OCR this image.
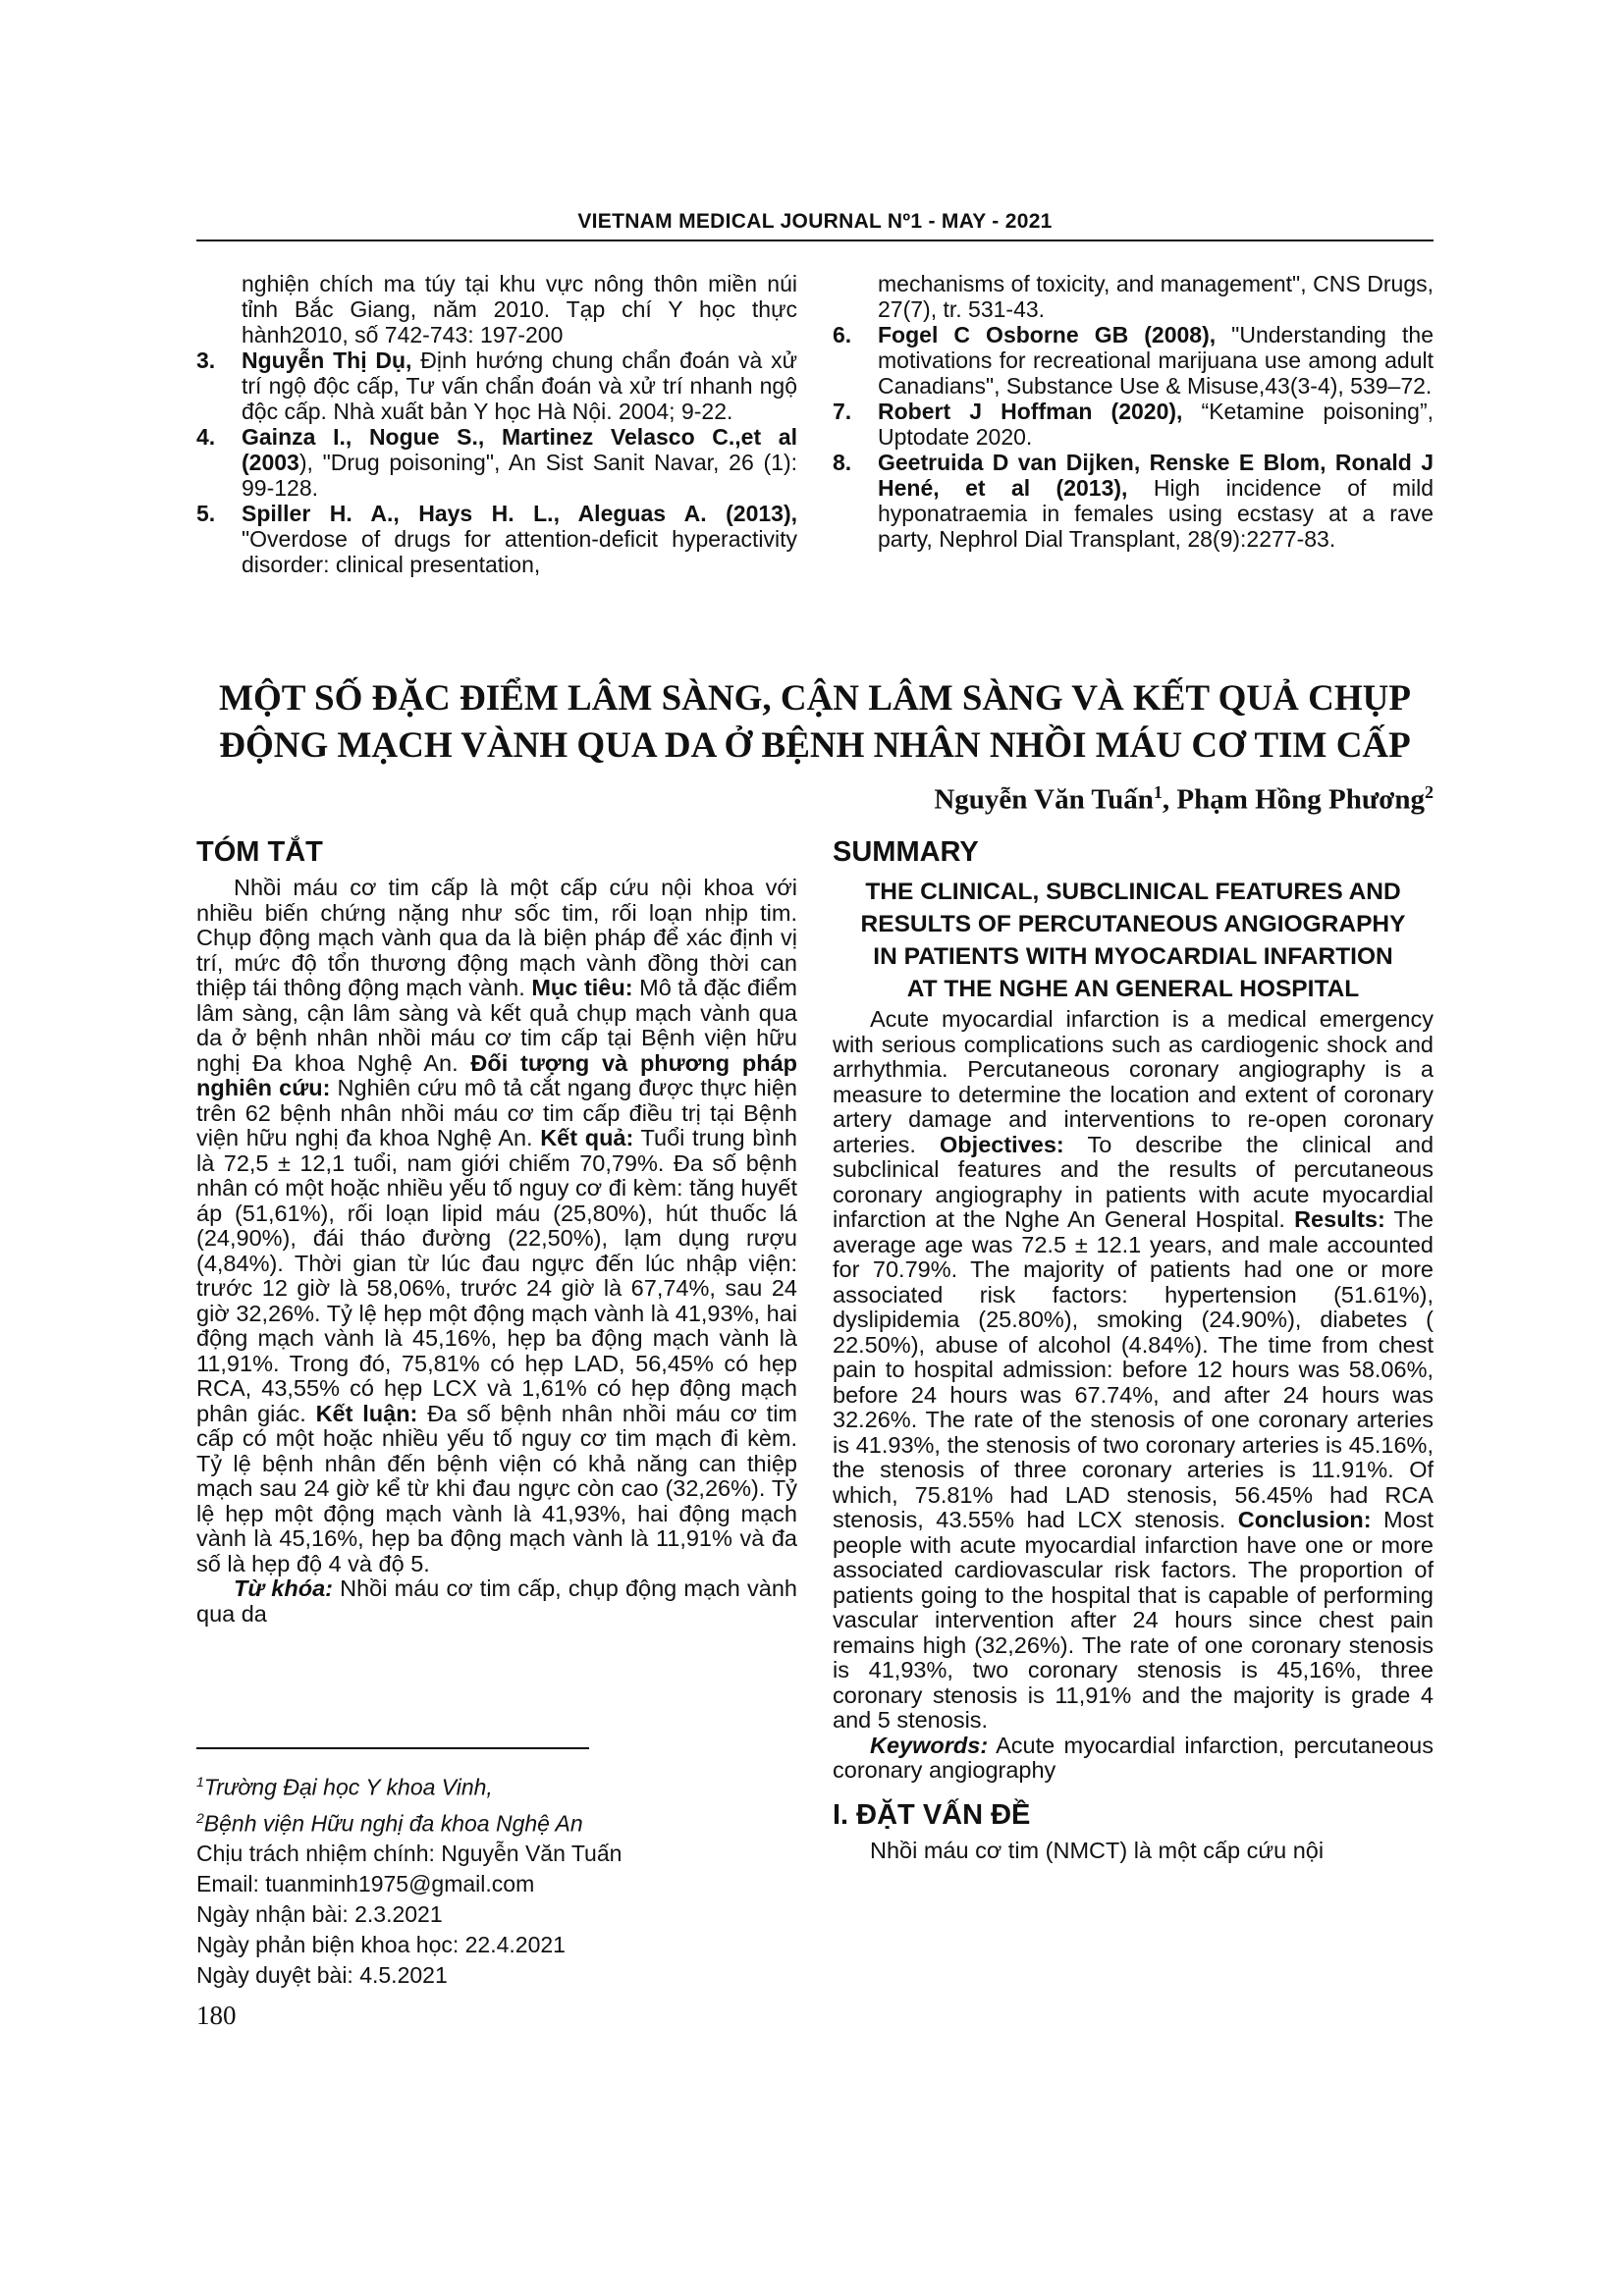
VIETNAM MEDICAL JOURNAL Nº1 - MAY - 2021
nghiện chích ma túy tại khu vực nông thôn miền núi tỉnh Bắc Giang, năm 2010. Tạp chí Y học thực hành2010, số 742-743: 197-200
3. Nguyễn Thị Dụ, Định hướng chung chẩn đoán và xử trí ngộ độc cấp, Tư vấn chẩn đoán và xử trí nhanh ngộ độc cấp. Nhà xuất bản Y học Hà Nội. 2004; 9-22.
4. Gainza I., Nogue S., Martinez Velasco C.,et al (2003), "Drug poisoning", An Sist Sanit Navar, 26 (1): 99-128.
5. Spiller H. A., Hays H. L., Aleguas A. (2013), "Overdose of drugs for attention-deficit hyperactivity disorder: clinical presentation,
mechanisms of toxicity, and management", CNS Drugs, 27(7), tr. 531-43.
6. Fogel C Osborne GB (2008), "Understanding the motivations for recreational marijuana use among adult Canadians", Substance Use & Misuse,43(3-4), 539–72.
7. Robert J Hoffman (2020), “Ketamine poisoning”, Uptodate 2020.
8. Geetruida D van Dijken, Renske E Blom, Ronald J Hené, et al (2013), High incidence of mild hyponatraemia in females using ecstasy at a rave party, Nephrol Dial Transplant, 28(9):2277-83.
MỘT SỐ ĐẶC ĐIỂM LÂM SÀNG, CẬN LÂM SÀNG VÀ KẾT QUẢ CHỤP
ĐỘNG MẠCH VÀNH QUA DA Ở BỆNH NHÂN NHỒI MÁU CƠ TIM CẤP
Nguyễn Văn Tuấn$^1$, Phạm Hồng Phương$^2$
TÓM TẮT
Nhồi máu cơ tim cấp là một cấp cứu nội khoa với nhiều biến chứng nặng như sốc tim, rối loạn nhịp tim. Chụp động mạch vành qua da là biện pháp để xác định vị trí, mức độ tổn thương động mạch vành đồng thời can thiệp tái thông động mạch vành. Mục tiêu: Mô tả đặc điểm lâm sàng, cận lâm sàng và kết quả chụp mạch vành qua da ở bệnh nhân nhồi máu cơ tim cấp tại Bệnh viện hữu nghị Đa khoa Nghệ An. Đối tượng và phương pháp nghiên cứu: Nghiên cứu mô tả cắt ngang được thực hiện trên 62 bệnh nhân nhồi máu cơ tim cấp điều trị tại Bệnh viện hữu nghị đa khoa Nghệ An. Kết quả: Tuổi trung bình là 72,5 ± 12,1 tuổi, nam giới chiếm 70,79%. Đa số bệnh nhân có một hoặc nhiều yếu tố nguy cơ đi kèm: tăng huyết áp (51,61%), rối loạn lipid máu (25,80%), hút thuốc lá (24,90%), đái tháo đường (22,50%), lạm dụng rượu (4,84%). Thời gian từ lúc đau ngực đến lúc nhập viện: trước 12 giờ là 58,06%, trước 24 giờ là 67,74%, sau 24 giờ 32,26%. Tỷ lệ hẹp một động mạch vành là 41,93%, hai động mạch vành là 45,16%, hẹp ba động mạch vành là 11,91%. Trong đó, 75,81% có hẹp LAD, 56,45% có hẹp RCA, 43,55% có hẹp LCX và 1,61% có hẹp động mạch phân giác. Kết luận: Đa số bệnh nhân nhồi máu cơ tim cấp có một hoặc nhiều yếu tố nguy cơ tim mạch đi kèm. Tỷ lệ bệnh nhân đến bệnh viện có khả năng can thiệp mạch sau 24 giờ kể từ khi đau ngực còn cao (32,26%). Tỷ lệ hẹp một động mạch vành là 41,93%, hai động mạch vành là 45,16%, hẹp ba động mạch vành là 11,91% và đa số là hẹp độ 4 và độ 5.
Từ khóa: Nhồi máu cơ tim cấp, chụp động mạch vành qua da
$^1$Trường Đại học Y khoa Vinh,
$^2$Bệnh viện Hữu nghị đa khoa Nghệ An
Chịu trách nhiệm chính: Nguyễn Văn Tuấn
Email: tuanminh1975@gmail.com
Ngày nhận bài: 2.3.2021
Ngày phản biện khoa học: 22.4.2021
Ngày duyệt bài: 4.5.2021
SUMMARY
THE CLINICAL, SUBCLINICAL FEATURES AND
RESULTS OF PERCUTANEOUS ANGIOGRAPHY
IN PATIENTS WITH MYOCARDIAL INFARTION
AT THE NGHE AN GENERAL HOSPITAL
Acute myocardial infarction is a medical emergency with serious complications such as cardiogenic shock and arrhythmia. Percutaneous coronary angiography is a measure to determine the location and extent of coronary artery damage and interventions to re-open coronary arteries. Objectives: To describe the clinical and subclinical features and the results of percutaneous coronary angiography in patients with acute myocardial infarction at the Nghe An General Hospital. Results: The average age was 72.5 ± 12.1 years, and male accounted for 70.79%. The majority of patients had one or more associated risk factors: hypertension (51.61%), dyslipidemia (25.80%), smoking (24.90%), diabetes ( 22.50%), abuse of alcohol (4.84%). The time from chest pain to hospital admission: before 12 hours was 58.06%, before 24 hours was 67.74%, and after 24 hours was 32.26%. The rate of the stenosis of one coronary arteries is 41.93%, the stenosis of two coronary arteries is 45.16%, the stenosis of three coronary arteries is 11.91%. Of which, 75.81% had LAD stenosis, 56.45% had RCA stenosis, 43.55% had LCX stenosis. Conclusion: Most people with acute myocardial infarction have one or more associated cardiovascular risk factors. The proportion of patients going to the hospital that is capable of performing vascular intervention after 24 hours since chest pain remains high (32,26%). The rate of one coronary stenosis is 41,93%, two coronary stenosis is 45,16%, three coronary stenosis is 11,91% and the majority is grade 4 and 5 stenosis.
Keywords: Acute myocardial infarction, percutaneous coronary angiography
I. ĐẶT VẤN ĐỀ
Nhồi máu cơ tim (NMCT) là một cấp cứu nội
180
